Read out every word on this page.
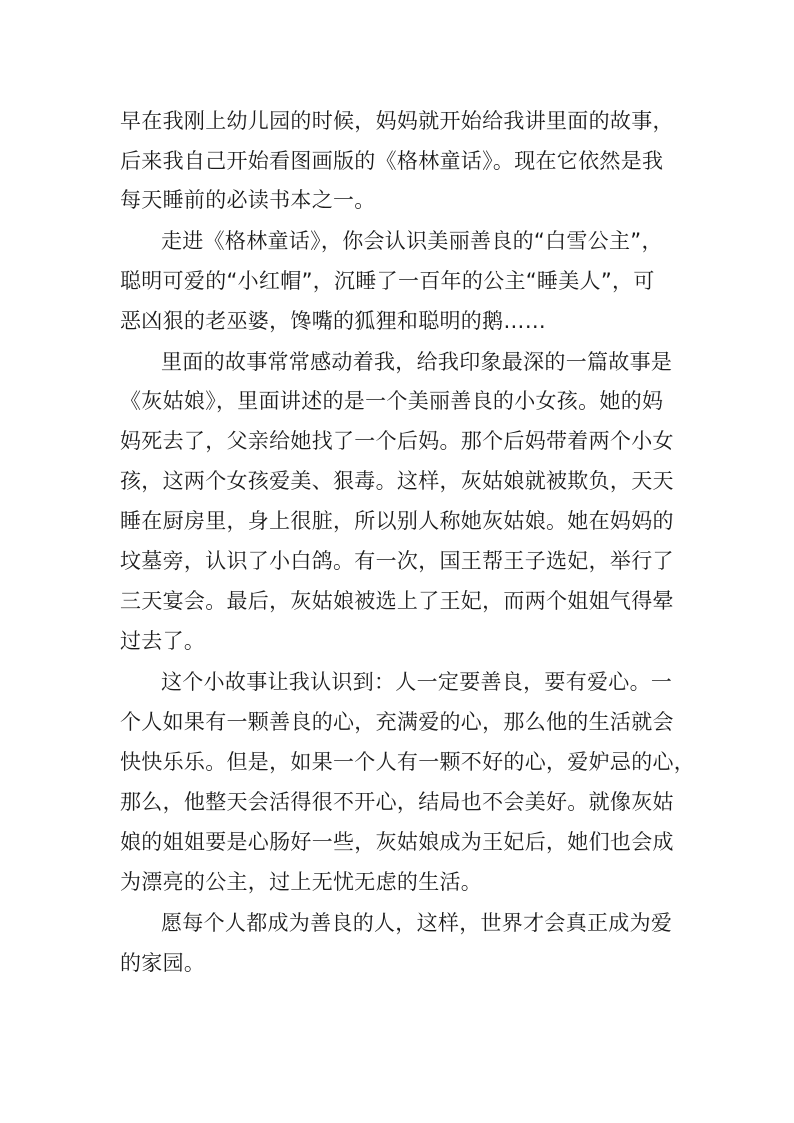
早在我刚上幼儿园的时候，妈妈就开始给我讲里面的故事，
后来我自己开始看图画版的《格林童话》。现在它依然是我
每天睡前的必读书本之一。
走进《格林童话》，你会认识美丽善良的“白雪公主”，
聪明可爱的“小红帽”，沉睡了一百年的公主“睡美人”，可
恶凶狠的老巫婆，馋嘴的狐狸和聪明的鹅……
里面的故事常常感动着我，给我印象最深的一篇故事是
《灰姑娘》，里面讲述的是一个美丽善良的小女孩。她的妈
妈死去了，父亲给她找了一个后妈。那个后妈带着两个小女
孩，这两个女孩爱美、狠毒。这样，灰姑娘就被欺负，天天
睡在厨房里，身上很脏，所以别人称她灰姑娘。她在妈妈的
坟墓旁，认识了小白鸽。有一次，国王帮王子选妃，举行了
三天宴会。最后，灰姑娘被选上了王妃，而两个姐姐气得晕
过去了。
这个小故事让我认识到：人一定要善良，要有爱心。一
个人如果有一颗善良的心，充满爱的心，那么他的生活就会
快快乐乐。但是，如果一个人有一颗不好的心，爱妒忌的心，
那么，他整天会活得很不开心，结局也不会美好。就像灰姑
娘的姐姐要是心肠好一些，灰姑娘成为王妃后，她们也会成
为漂亮的公主，过上无忧无虑的生活。
愿每个人都成为善良的人，这样，世界才会真正成为爱
的家园。
